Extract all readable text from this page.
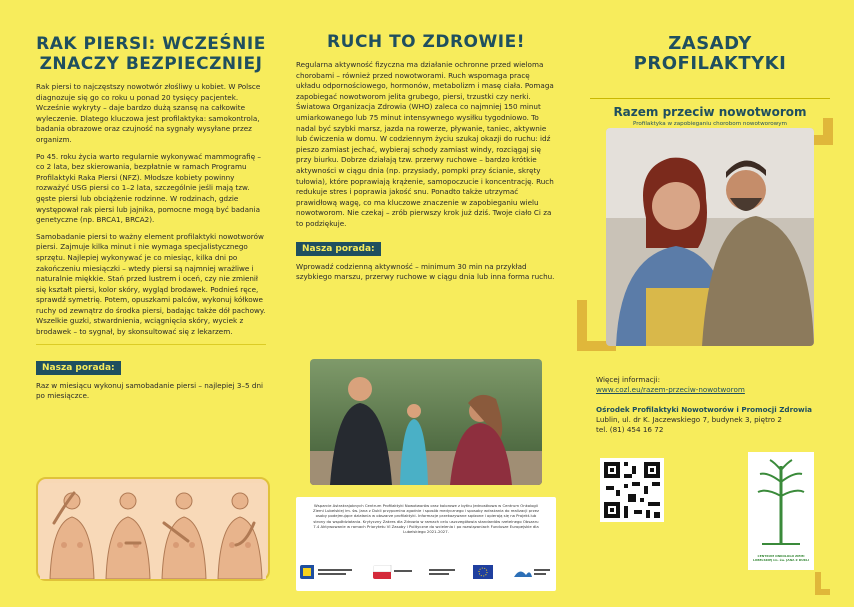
RAK PIERSI: WCZEŚNIE ZNACZY BEZPIECZNIEJ

Rak piersi to najczęstszy nowotwór złośliwy u kobiet. W Polsce diagnozuje się go co roku u ponad 20 tysięcy pacjentek. Wcześnie wykryty – daje bardzo dużą szansę na całkowite wyleczenie. Dlatego kluczowa jest profilaktyka: samokontrola, badania obrazowe oraz czujność na sygnały wysyłane przez organizm.

Po 45. roku życia warto regularnie wykonywać mammografię – co 2 lata, bez skierowania, bezpłatnie w ramach Programu Profilaktyki Raka Piersi (NFZ). Młodsze kobiety powinny rozważyć USG piersi co 1–2 lata, szczególnie jeśli mają tzw. gęste piersi lub obciążenie rodzinne. W rodzinach, gdzie występował rak piersi lub jajnika, pomocne mogą być badania genetyczne (np. BRCA1, BRCA2).

Samobadanie piersi to ważny element profilaktyki nowotworów piersi. Zajmuje kilka minut i nie wymaga specjalistycznego sprzętu. Najlepiej wykonywać je co miesiąc, kilka dni po zakończeniu miesiączki – wtedy piersi są najmniej wrażliwe i naturalnie miękkie. Stań przed lustrem i oceń, czy nie zmienił się kształt piersi, kolor skóry, wygląd brodawek. Podnieś ręce, sprawdź symetrię. Potem, opuszkami palców, wykonuj kółkowe ruchy od zewnątrz do środka piersi, badając także dół pachowy. Wszelkie guzki, stwardnienia, wciągnięcia skóry, wyciek z brodawek – to sygnał, by skonsultować się z lekarzem.

Nasza porada:

Raz w miesiącu wykonuj samobadanie piersi – najlepiej 3–5 dni po miesiączce.

RUCH TO ZDROWIE!

Regularna aktywność fizyczna ma działanie ochronne przed wieloma chorobami – również przed nowotworami. Ruch wspomaga pracę układu odpornościowego, hormonów, metabolizm i masę ciała. Pomaga zapobiegać nowotworom jelita grubego, piersi, trzustki czy nerki. Światowa Organizacja Zdrowia (WHO) zaleca co najmniej 150 minut umiarkowanego lub 75 minut intensywnego wysiłku tygodniowo. To nadal być szybki marsz, jazda na rowerze, pływanie, taniec, aktywnie lub ćwiczenia w domu. W codziennym życiu szukaj okazji do ruchu: idź pieszo zamiast jechać, wybieraj schody zamiast windy, rozciągaj się przy biurku. Dobrze działają tzw. przerwy ruchowe – bardzo krótkie aktywności w ciągu dnia (np. przysiady, pompki przy ścianie, skręty tułowia), które poprawiają krążenie, samopoczucie i koncentrację. Ruch redukuje stres i poprawia jakość snu. Ponadto także utrzymać prawidłową wagę, co ma kluczowe znaczenie w zapobieganiu wielu nowotworom. Nie czekaj – zrób pierwszy krok już dziś. Twoje ciało Ci za to podziękuje.

Nasza porada:

Wprowadź codzienną aktywność – minimum 30 min na przykład szybkiego marszu, przerwy ruchowe w ciągu dnia lub inna forma ruchu.

Wsparcie Astrakrajobnych Centrum Profilaktyki Nowotworów oraz kolorowe z bytku Jednostkowa w Centrum Onkologii Ziemi Lubelskiej im. św. Jana z Dukli przypomina zgodnie i sposób medycznego i sposoby wdrażania do realizacji przez osoby podejmujące działania w obszarze profilaktyki. Informacje przekazywane sądzone i opierają się na Projekt.lub strony do współdziałania. Krytyczny Zakres dla Zdrowia w ramach celu uszczegółowia standardów rzetelnego Obszaru 7.4 Aktywowanie w ramach Priorytetu VI Zasoby i Polityczne do wcielenia i po rozwiązaniach Fundusze Europejskie dla Lubelskiego 2021-2027.
ZASADY PROFILAKTYKI
Razem przeciw nowotworom
Profilaktyka w zapobieganiu chorobom nowotworowym
Więcej informacji:
www.cozl.eu/razem-przeciw-nowotworom
Ośrodek Profilaktyki Nowotworów i Promocji Zdrowia
Lublin, ul. dr K. Jaczewskiego 7, budynek 3, piętro 2
tel. (81) 454 16 72
CENTRUM ONKOLOGII ZIEMI LUBELSKIEJ im. św. JANA Z DUKLI
